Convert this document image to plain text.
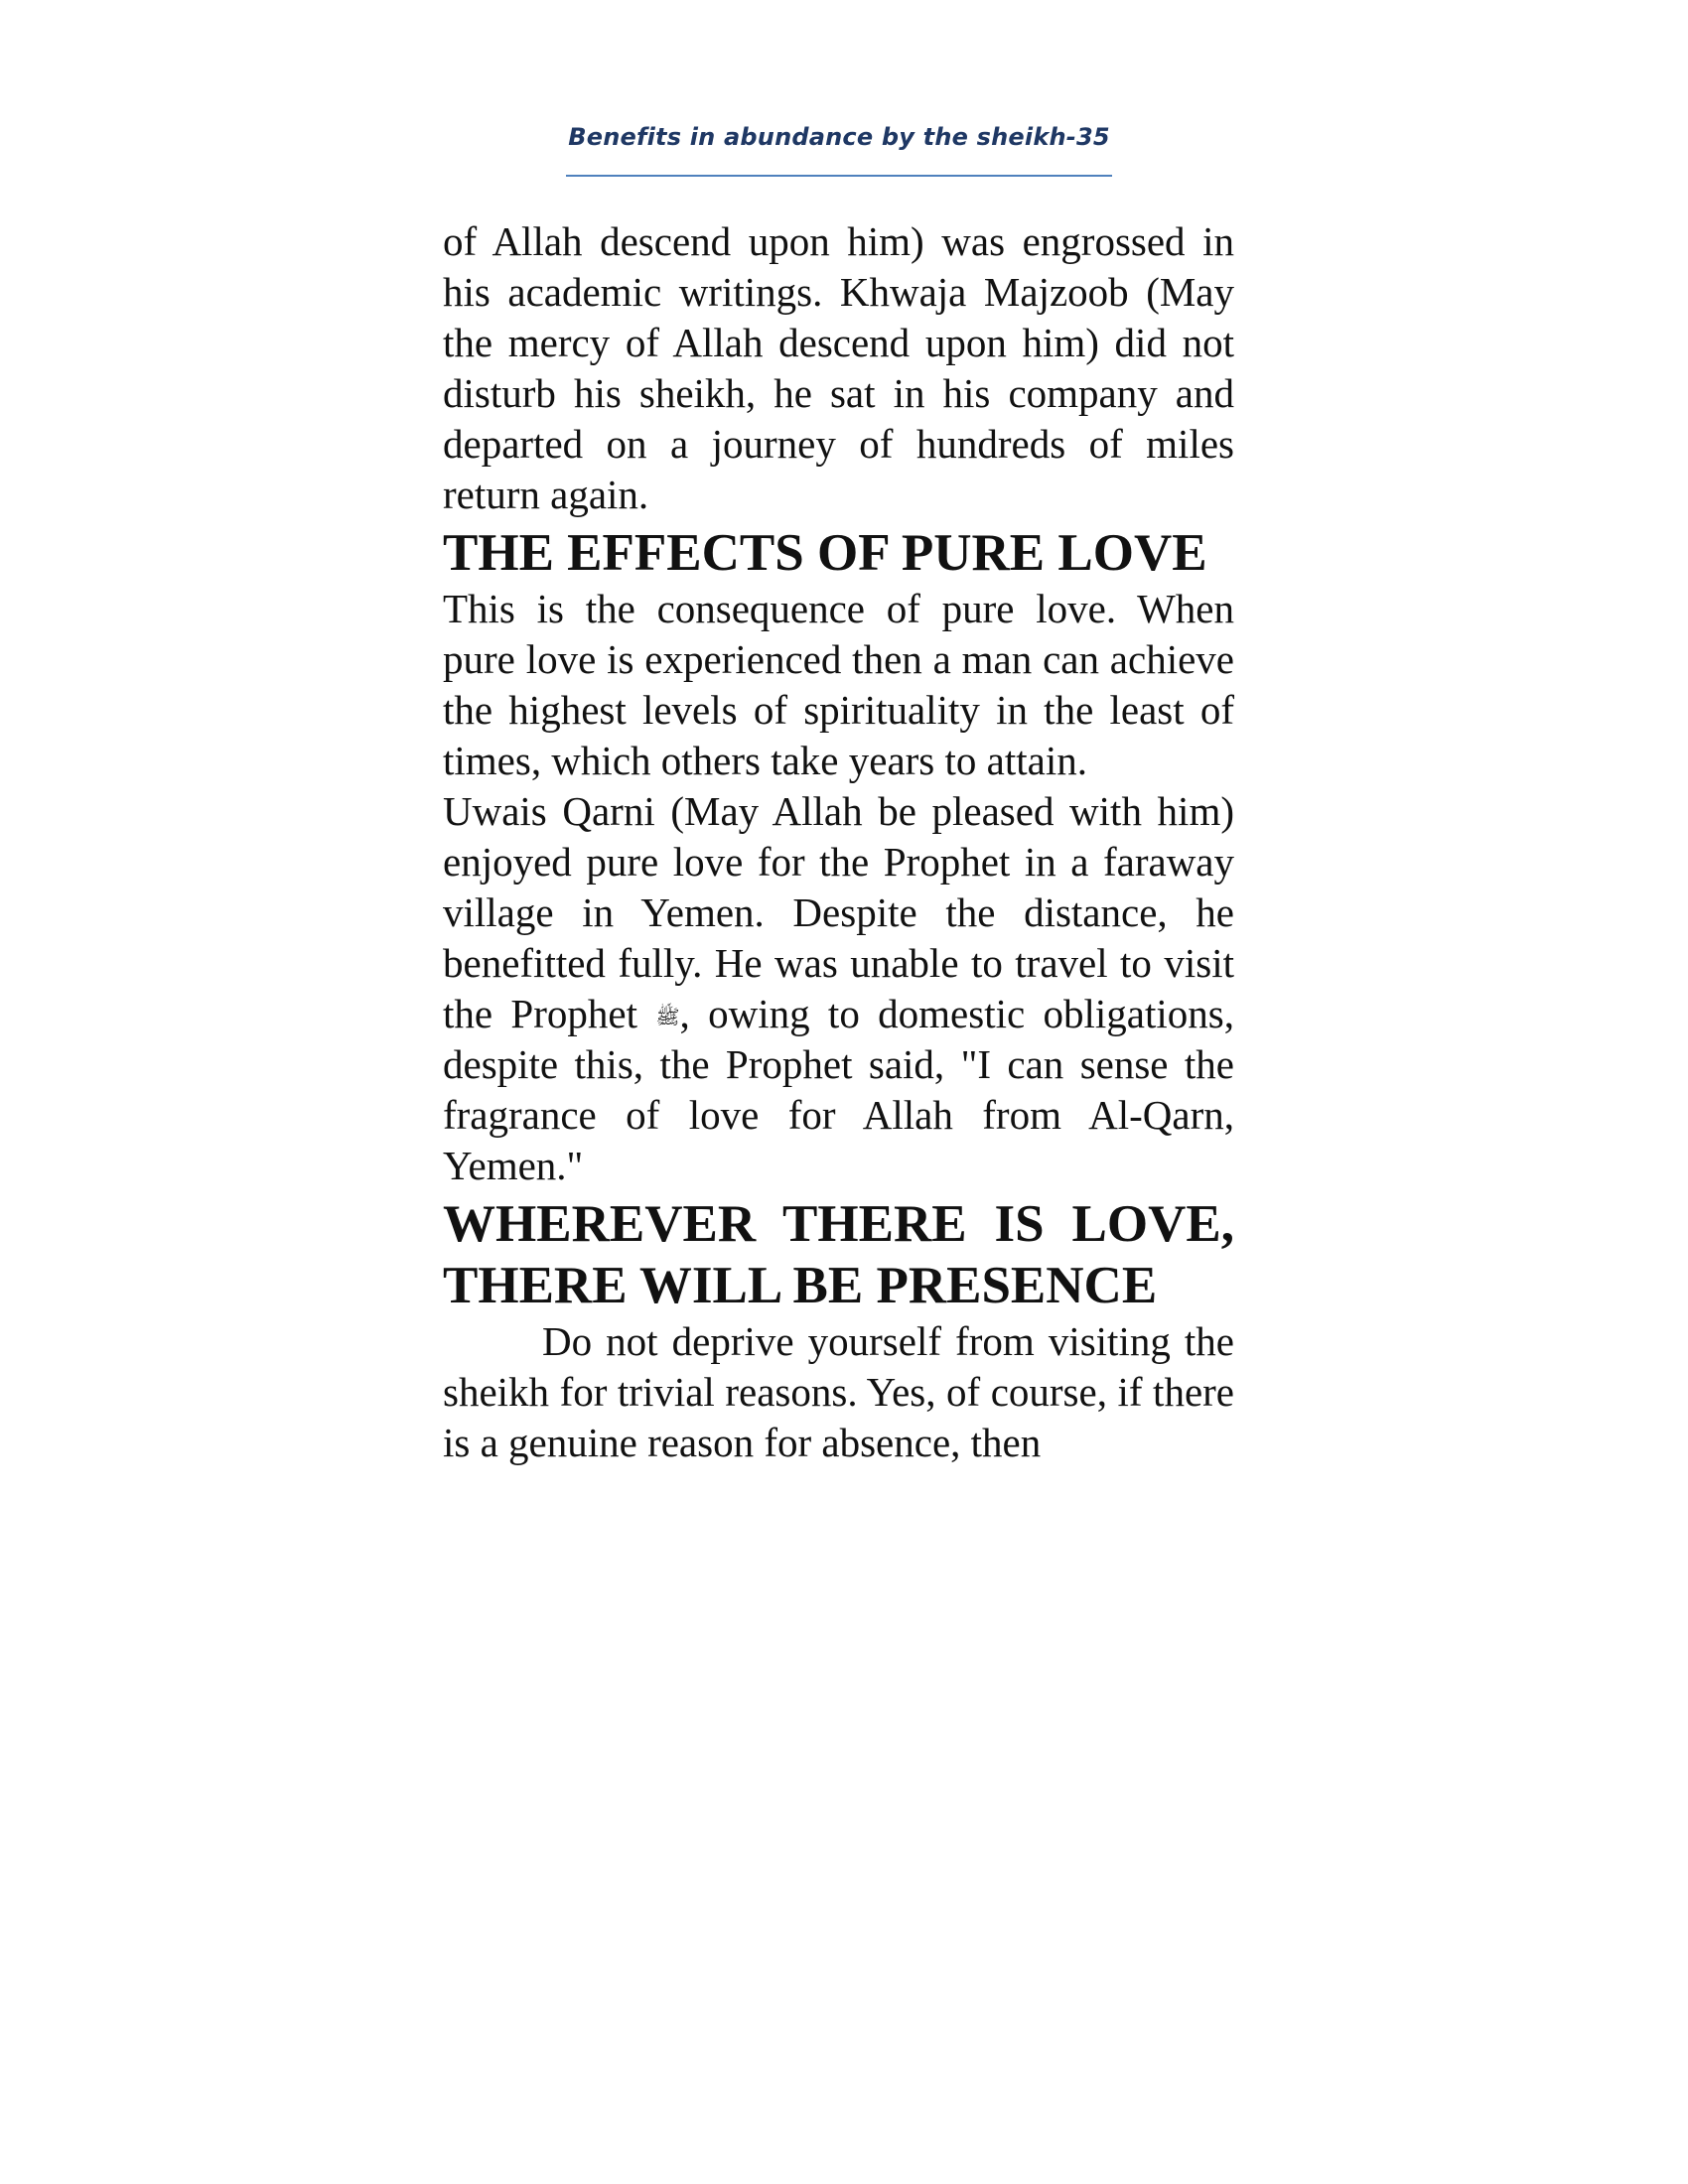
Benefits in abundance by the sheikh-35

of Allah descend upon him) was engrossed in his academic writings. Khwaja Majzoob (May the mercy of Allah descend upon him) did not disturb his sheikh, he sat in his company and departed on a journey of hundreds of miles return again.

THE EFFECTS OF PURE LOVE

This is the consequence of pure love. When pure love is experienced then a man can achieve the highest levels of spirituality in the least of times, which others take years to attain.

Uwais Qarni (May Allah be pleased with him) enjoyed pure love for the Prophet in a faraway village in Yemen. Despite the distance, he benefitted fully. He was unable to travel to visit the Prophet ﷺ, owing to domestic obligations, despite this, the Prophet said, "I can sense the fragrance of love for Allah from Al-Qarn, Yemen."

WHEREVER THERE IS LOVE, THERE WILL BE PRESENCE

Do not deprive yourself from visiting the sheikh for trivial reasons. Yes, of course, if there is a genuine reason for absence, then
